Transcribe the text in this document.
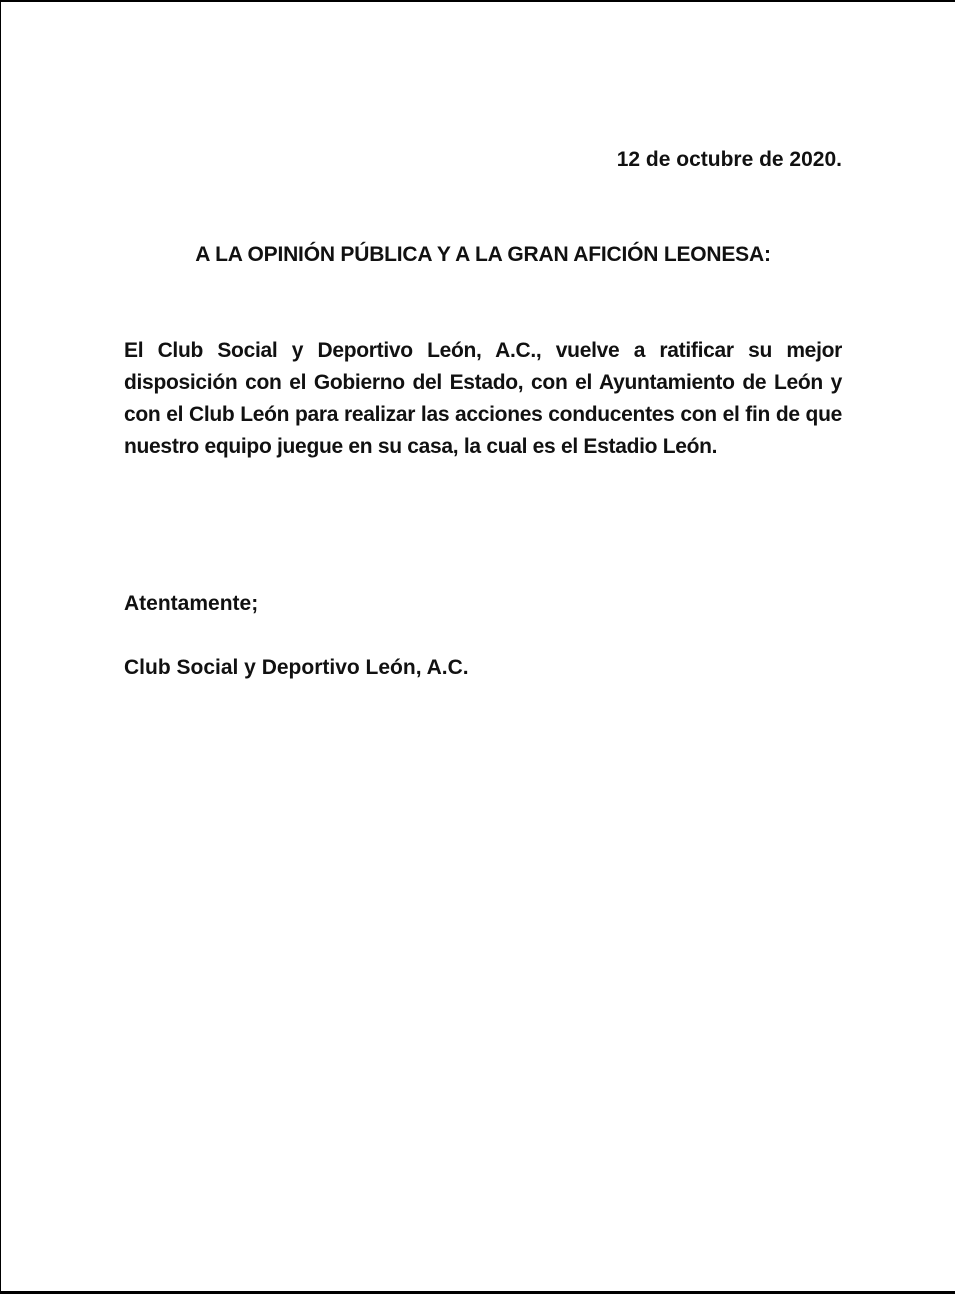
12 de octubre de 2020.
A LA OPINIÓN PÚBLICA Y A LA GRAN AFICIÓN LEONESA:

El Club Social y Deportivo León, A.C., vuelve a ratificar su mejor disposición con el Gobierno del Estado, con el Ayuntamiento de León y con el Club León para realizar las acciones conducentes con el fin de que nuestro equipo juegue en su casa, la cual es el Estadio León.

Atentamente;
Club Social y Deportivo León, A.C.
